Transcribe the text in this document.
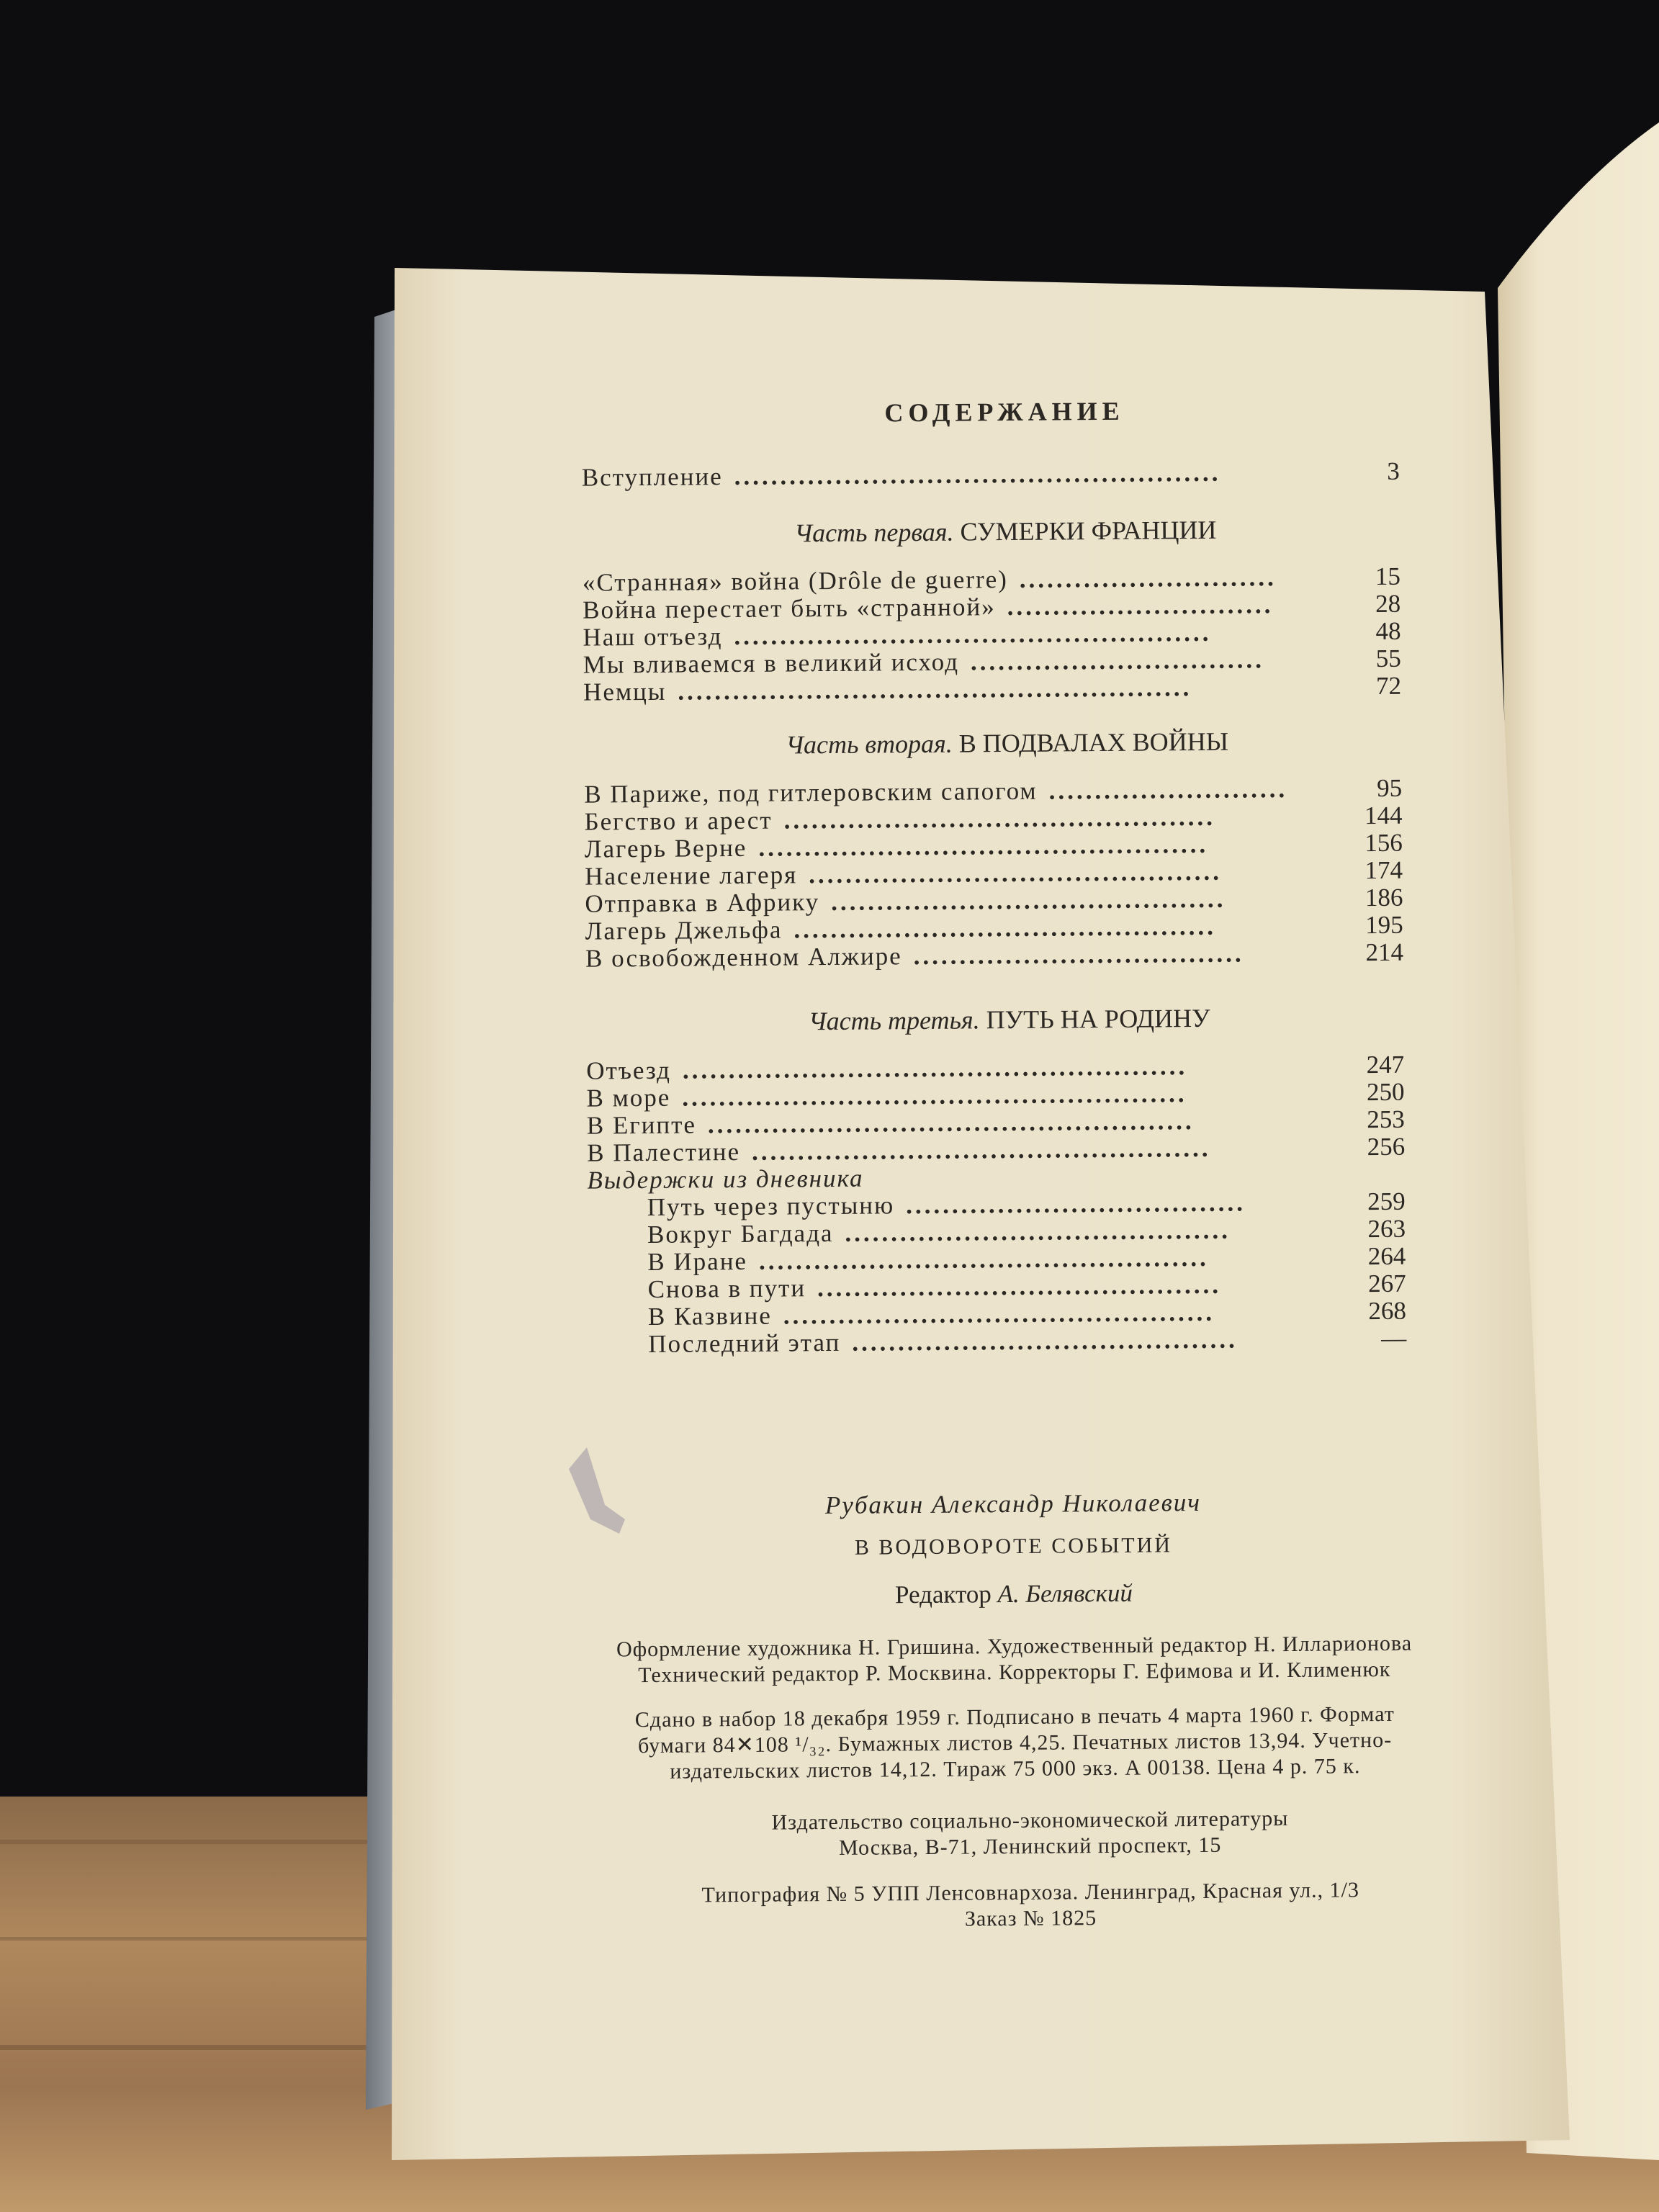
СОДЕРЖАНИЕ
Вступление	3
.....................................................
Часть первая. СУМЕРКИ ФРАНЦИИ
«Странная» война (Drôle de guerre)	15
............................
Война перестает быть «странной»	28
.............................
Наш отъезд	48
....................................................
Мы вливаемся в великий исход	55
................................
Немцы	72
........................................................
Часть вторая. В ПОДВАЛАХ ВОЙНЫ
В Париже, под гитлеровским сапогом	95
..........................
Бегство и арест	144
...............................................
Лагерь Верне	156
.................................................
Население лагеря	174
.............................................
Отправка в Африку	186
...........................................
Лагерь Джельфа	195
..............................................
В освобожденном Алжире	214
....................................
Часть третья. ПУТЬ НА РОДИНУ
Отъезд	247
.......................................................
В море	250
.......................................................
В Египте	253
.....................................................
В Палестине	256
..................................................
Выдержки из дневника
Путь через пустыню	259
.....................................
Вокруг Багдада	263
..........................................
В Иране	264
.................................................
Снова в пути	267
............................................
В Казвине	268
...............................................
Последний этап	—
..........................................
Рубакин Александр Николаевич
В ВОДОВОРОТЕ СОБЫТИЙ
Редактор А. Белявский
Оформление художника Н. Гришина. Художественный редактор Н. Илларионова
Технический редактор Р. Москвина. Корректоры Г. Ефимова и И. Клименюк
Сдано в набор 18 декабря 1959 г. Подписано в печать 4 марта 1960 г. Формат
бумаги 84✕108 ¹/₃₂. Бумажных листов 4,25. Печатных листов 13,94. Учетно-
издательских листов 14,12. Тираж 75 000 экз. А 00138. Цена 4 р. 75 к.
Издательство социально-экономической литературы
Москва, В-71, Ленинский проспект, 15
Типография № 5 УПП Ленсовнархоза. Ленинград, Красная ул., 1/3
Заказ № 1825
